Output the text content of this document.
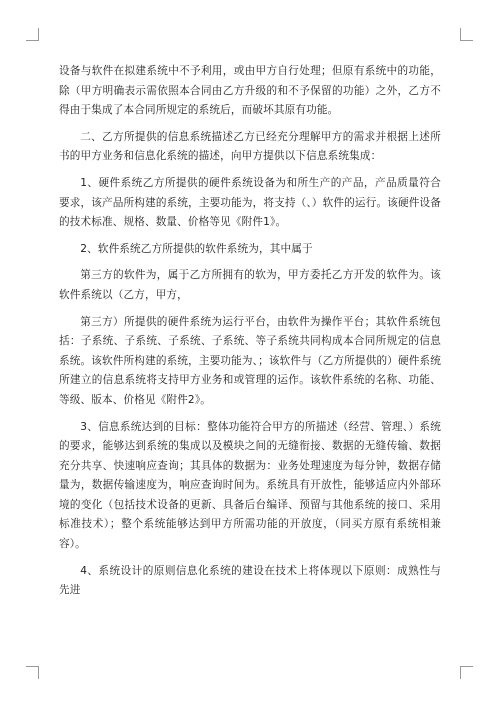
设备与软件在拟建系统中不予利用，或由甲方自行处理；但原有系统中的功能，除（甲方明确表示需依照本合同由乙方升级的和不予保留的功能）之外，乙方不得由于集成了本合同所规定的系统后，而破坏其原有功能。

二、乙方所提供的信息系统描述乙方已经充分理解甲方的需求并根据上述所书的甲方业务和信息化系统的描述，向甲方提供以下信息系统集成：

1、硬件系统乙方所提供的硬件系统设备为和所生产的产品，产品质量符合要求，该产品所构建的系统，主要功能为，将支持（、）软件的运行。该硬件设备的技术标准、规格、数量、价格等见《附件1》。

2、软件系统乙方所提供的软件系统为，其中属于

第三方的软件为，属于乙方所拥有的软为，甲方委托乙方开发的软件为。该软件系统以（乙方，甲方，

第三方）所提供的硬件系统为运行平台，由软件为操作平台；其软件系统包括：子系统、子系统、子系统、子系统、等子系统共同构成本合同所规定的信息系统。该软件所构建的系统，主要功能为、；该软件与（乙方所提供的）硬件系统所建立的信息系统将支持甲方业务和或管理的运作。该软件系统的名称、功能、等级、版本、价格见《附件2》。

3、信息系统达到的目标：整体功能符合甲方的所描述（经营、管理、）系统的要求，能够达到系统的集成以及模块之间的无缝衔接、数据的无缝传输、数据充分共享、快速响应查询；其具体的数据为：业务处理速度为每分钟，数据存储量为，数据传输速度为，响应查询时间为。系统具有开放性，能够适应内外部环境的变化（包括技术设备的更新、具备后台编译、预留与其他系统的接口、采用标准技术）；整个系统能够达到甲方所需功能的开放度，（同买方原有系统相兼容）。

4、系统设计的原则信息化系统的建设在技术上将体现以下原则：成熟性与先进
